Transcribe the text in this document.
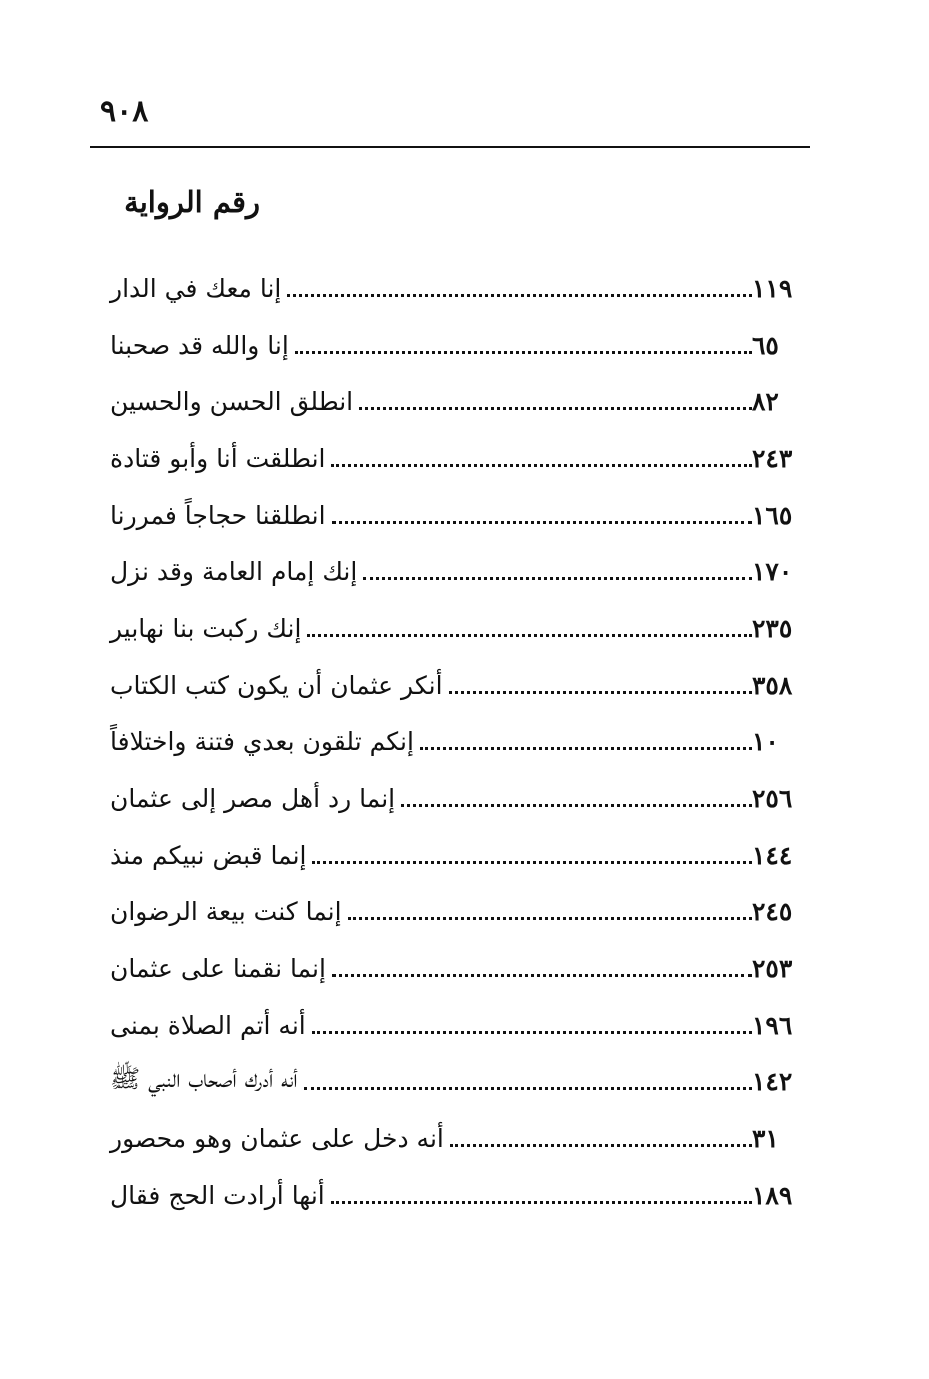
٩٠٨
رقم الرواية
إنا معك في الدار	١١٩
إنا والله قد صحبنا	٦٥
انطلق الحسن والحسين	٨٢
انطلقت أنا وأبو قتادة	٢٤٣
انطلقنا حجاجاً فمررنا	١٦٥
إنك إمام العامة وقد نزل	١٧٠
إنك ركبت بنا نهابير	٢٣٥
أنكر عثمان أن يكون كتب الكتاب	٣٥٨
إنكم تلقون بعدي فتنة واختلافاً	١٠
إنما رد أهل مصر إلى عثمان	٢٥٦
إنما قبض نبيكم منذ	١٤٤
إنما كنت بيعة الرضوان	٢٤٥
إنما نقمنا على عثمان	٢٥٣
أنه أتم الصلاة بمنى	١٩٦
أنه أدرك أصحاب النبي ﷺ	١٤٢
أنه دخل على عثمان وهو محصور	٣١
أنها أرادت الحج فقال	١٨٩
